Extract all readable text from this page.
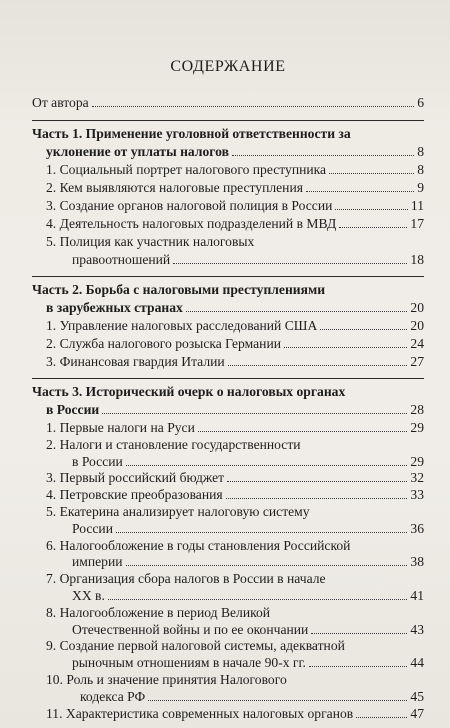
СОДЕРЖАНИЕ
От автора	6
Часть 1. Применение уголовной ответственности за
уклонение от уплаты налогов	8
1. Социальный портрет налогового преступника	8
2. Кем выявляются налоговые преступления	9
3. Создание органов налоговой полиция в России	11
4. Деятельность налоговых подразделений в МВД	17
5. Полиция как участник налоговых
правоотношений	18
Часть 2. Борьба с налоговыми преступлениями
в зарубежных странах	20
1. Управление налоговых расследований США	20
2. Служба налогового розыска Германии	24
3. Финансовая гвардия Италии	27
Часть 3. Исторический очерк о налоговых органах
в России	28
1. Первые налоги на Руси	29
2. Налоги и становление государственности
в России	29
3. Первый российский бюджет	32
4. Петровские преобразования	33
5. Екатерина анализирует налоговую систему
России	36
6. Налогообложение в годы становления Российской
империи	38
7. Организация сбора налогов в России в начале
XX в.	41
8. Налогообложение в период Великой
Отечественной войны и по ее окончании	43
9. Создание первой налоговой системы, адекватной
рыночным отношениям в начале 90-х гг.	44
10. Роль и значение принятия Налогового
кодекса РФ	45
11. Характеристика современных налоговых органов	47
